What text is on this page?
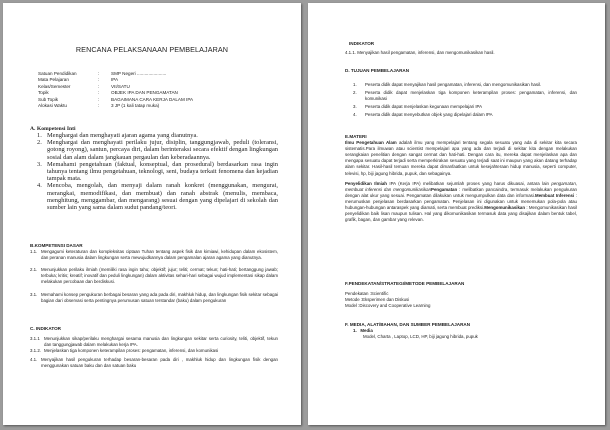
RENCANA PELAKSANAAN PEMBELAJARAN
Satuan Pendidikan	:	SMP Negeri .......................
Mata Pelajaran	:	IPA
Kelas/Semester	:	VII/SATU
Topik	:	OBJEK IPA DAN PENGAMATAN
Sub Topik	:	BAGAIMANA CARA KERJA DALAM IPA
Alokasi Waktu	:	3 JP (1 kali tatap muka)
A. Kompetensi Inti
1. Menghargai dan menghayati ajaran agama yang dianutnya.
2. Menghargai dan menghayati perilaku jujur, disiplin, tanggungjawab, peduli (toleransi, gotong royong), santun, percaya diri, dalam berinteraksi secara efektif dengan lingkungan sosial dan alam dalam jangkauan pergaulan dan keberadaannya.
3. Memahami pengetahuan (faktual, konseptual, dan prosedural) berdasarkan rasa ingin tahunya tentang ilmu pengetahuan, teknologi, seni, budaya terkait fenomena dan kejadian tampak mata.
4. Mencoba, mengolah, dan menyaji dalam ranah konkret (menggunakan, mengurai, merangkai, memodifikasi, dan membuat) dan ranah abstrak (menulis, membaca, menghitung, menggambar, dan mengarang) sesuai dengan yang dipelajari di sekolah dan sumber lain yang sama dalam sudut pandang/teori.
B.KOMPETENSI DASAR
1.1. Mengagumi keteraturan dan kompleksitas ciptaan Tuhan tentang aspek fisik dan kimiawi, kehidupan dalam ekosistem, dan peranan manusia dalam lingkungan serta mewujudkannya dalam pengamalan ajaran agama yang dianutnya.
2.1. Menunjukkan perilaku ilmiah (memiliki rasa ingin tahu; objektif; jujur; teliti; cermat; tekun; hati-hati; bertanggung jawab; terbuka; kritis; kreatif; inovatif dan peduli lingkungan) dalam aktivitas sehari-hari sebagai wujud implementasi sikap dalam melakukan percobaan dan berdiskusi.
3.1. Memahami konsep pengukuran berbagai besaran yang ada pada diri, makhluk hidup, dan lingkungan fisik sekitar sebagai bagian dari observasi serta pentingnya perumusan satuan terstandar (baku) dalam pengukuran
C. INDIKATOR
3.1.1 Menunjukkan sikap/perilaku menghargai sesama manusia dan lingkungan sekitar serta curiosity, teliti, objektif, tekun dan tanggungjawab dalam melakukan kerja IPA.
3.1.2. Menjelaskan tiga komponen keterampilan proses: pengamatan, inferensi, dan komunikasi
4.1. Menyajikan hasil pengukuran terhadap besaran-besaran pada diri , makhluk hidup dan lingkungan fisik dengan menggunakan satuan baku dan dan satuan baku
INDIKATOR
4.1.1. Menyajikan hasil pengamatan, inferensi, dan mengomunikasikan hasil.
D. TUJUAN PEMBELAJARAN
1.	Peserta didik dapat menyajikan hasil pengamatan, inferensi, dan mengomunikasikan hasil.
2.	Peserta didik dapat menjelaskan tiga komponen keterampilan proses: pengamatan, inferensi, dan komunikasi
3.	Peserta didik dapat menjelaskan kegunaan mempelajari IPA
4.	Peserta didik dapat menyebutkan objek yang dipelajari dalam IPA
E.MATERI
Ilmu Pengetahuan Alam adalah ilmu yang mempelajari tentang segala sesuatu yang ada di sekitar kita secara sistematis.Para ilmuwan atau scientist mempelajari apa yang ada dan terjadi di sekitar kita dengan melakukan serangkaian penelitian dengan sangat cermat dan hati-hati. Dengan cara itu, mereka dapat menjelaskan apa dan mengapa sesuatu dapat terjadi serta memperkirakan sesuatu yang terjadi saat ini maupun yang akan datang terhadap alam sekitar. Hasil-hasil temuan mereka dapat dimanfaatkan untuk kesejahteraan hidup manusia, seperti computer, televisi, hp, biji jagung hibrida, pupuk, dan sebagainya.
Penyelidikan Ilmiah IPA (Kerja IPA) melibatkan sejumlah proses yang harus dikuasai, antara lain pengamatan, membuat inferensi dan mengomunikasikanPengamatan : melibatkan pancaindra, termasuk melakukan pengukuran dengan alat ukur yang sesuai. Pengamatan dilakukan untuk mengumpulkan data dan informasi.Membuat Inferensi : merumuskan penjelasan berdasarkan pengamatan. Penjelasan ini digunakan untuk menemukan pola-pola atau hubungan-hubungan antaraspek yang diamati, serta membuat prediksi.Mengomunikasikan : Mengomunikasikan hasil penyelidikan baik lisan maupun tulisan. Hal yang dikomunikasikan termasuk data yang disajikan dalam bentuk tabel, grafik, bagan, dan gambar yang relevan.
F.PENDEKATAN/STRATEGI/METODE PEMBELAJARAN
Pendekatan :Scientific
Metode :Eksperimen dan Diskusi
Model :Discovery and Cooperative Learning
F. MEDIA, ALAT/BAHAN, DAN SUMBER PEMBELAJARAN
1. Media
Model, Charta , Laptop, LCD, HP, biji jagung hibrida, pupuk
